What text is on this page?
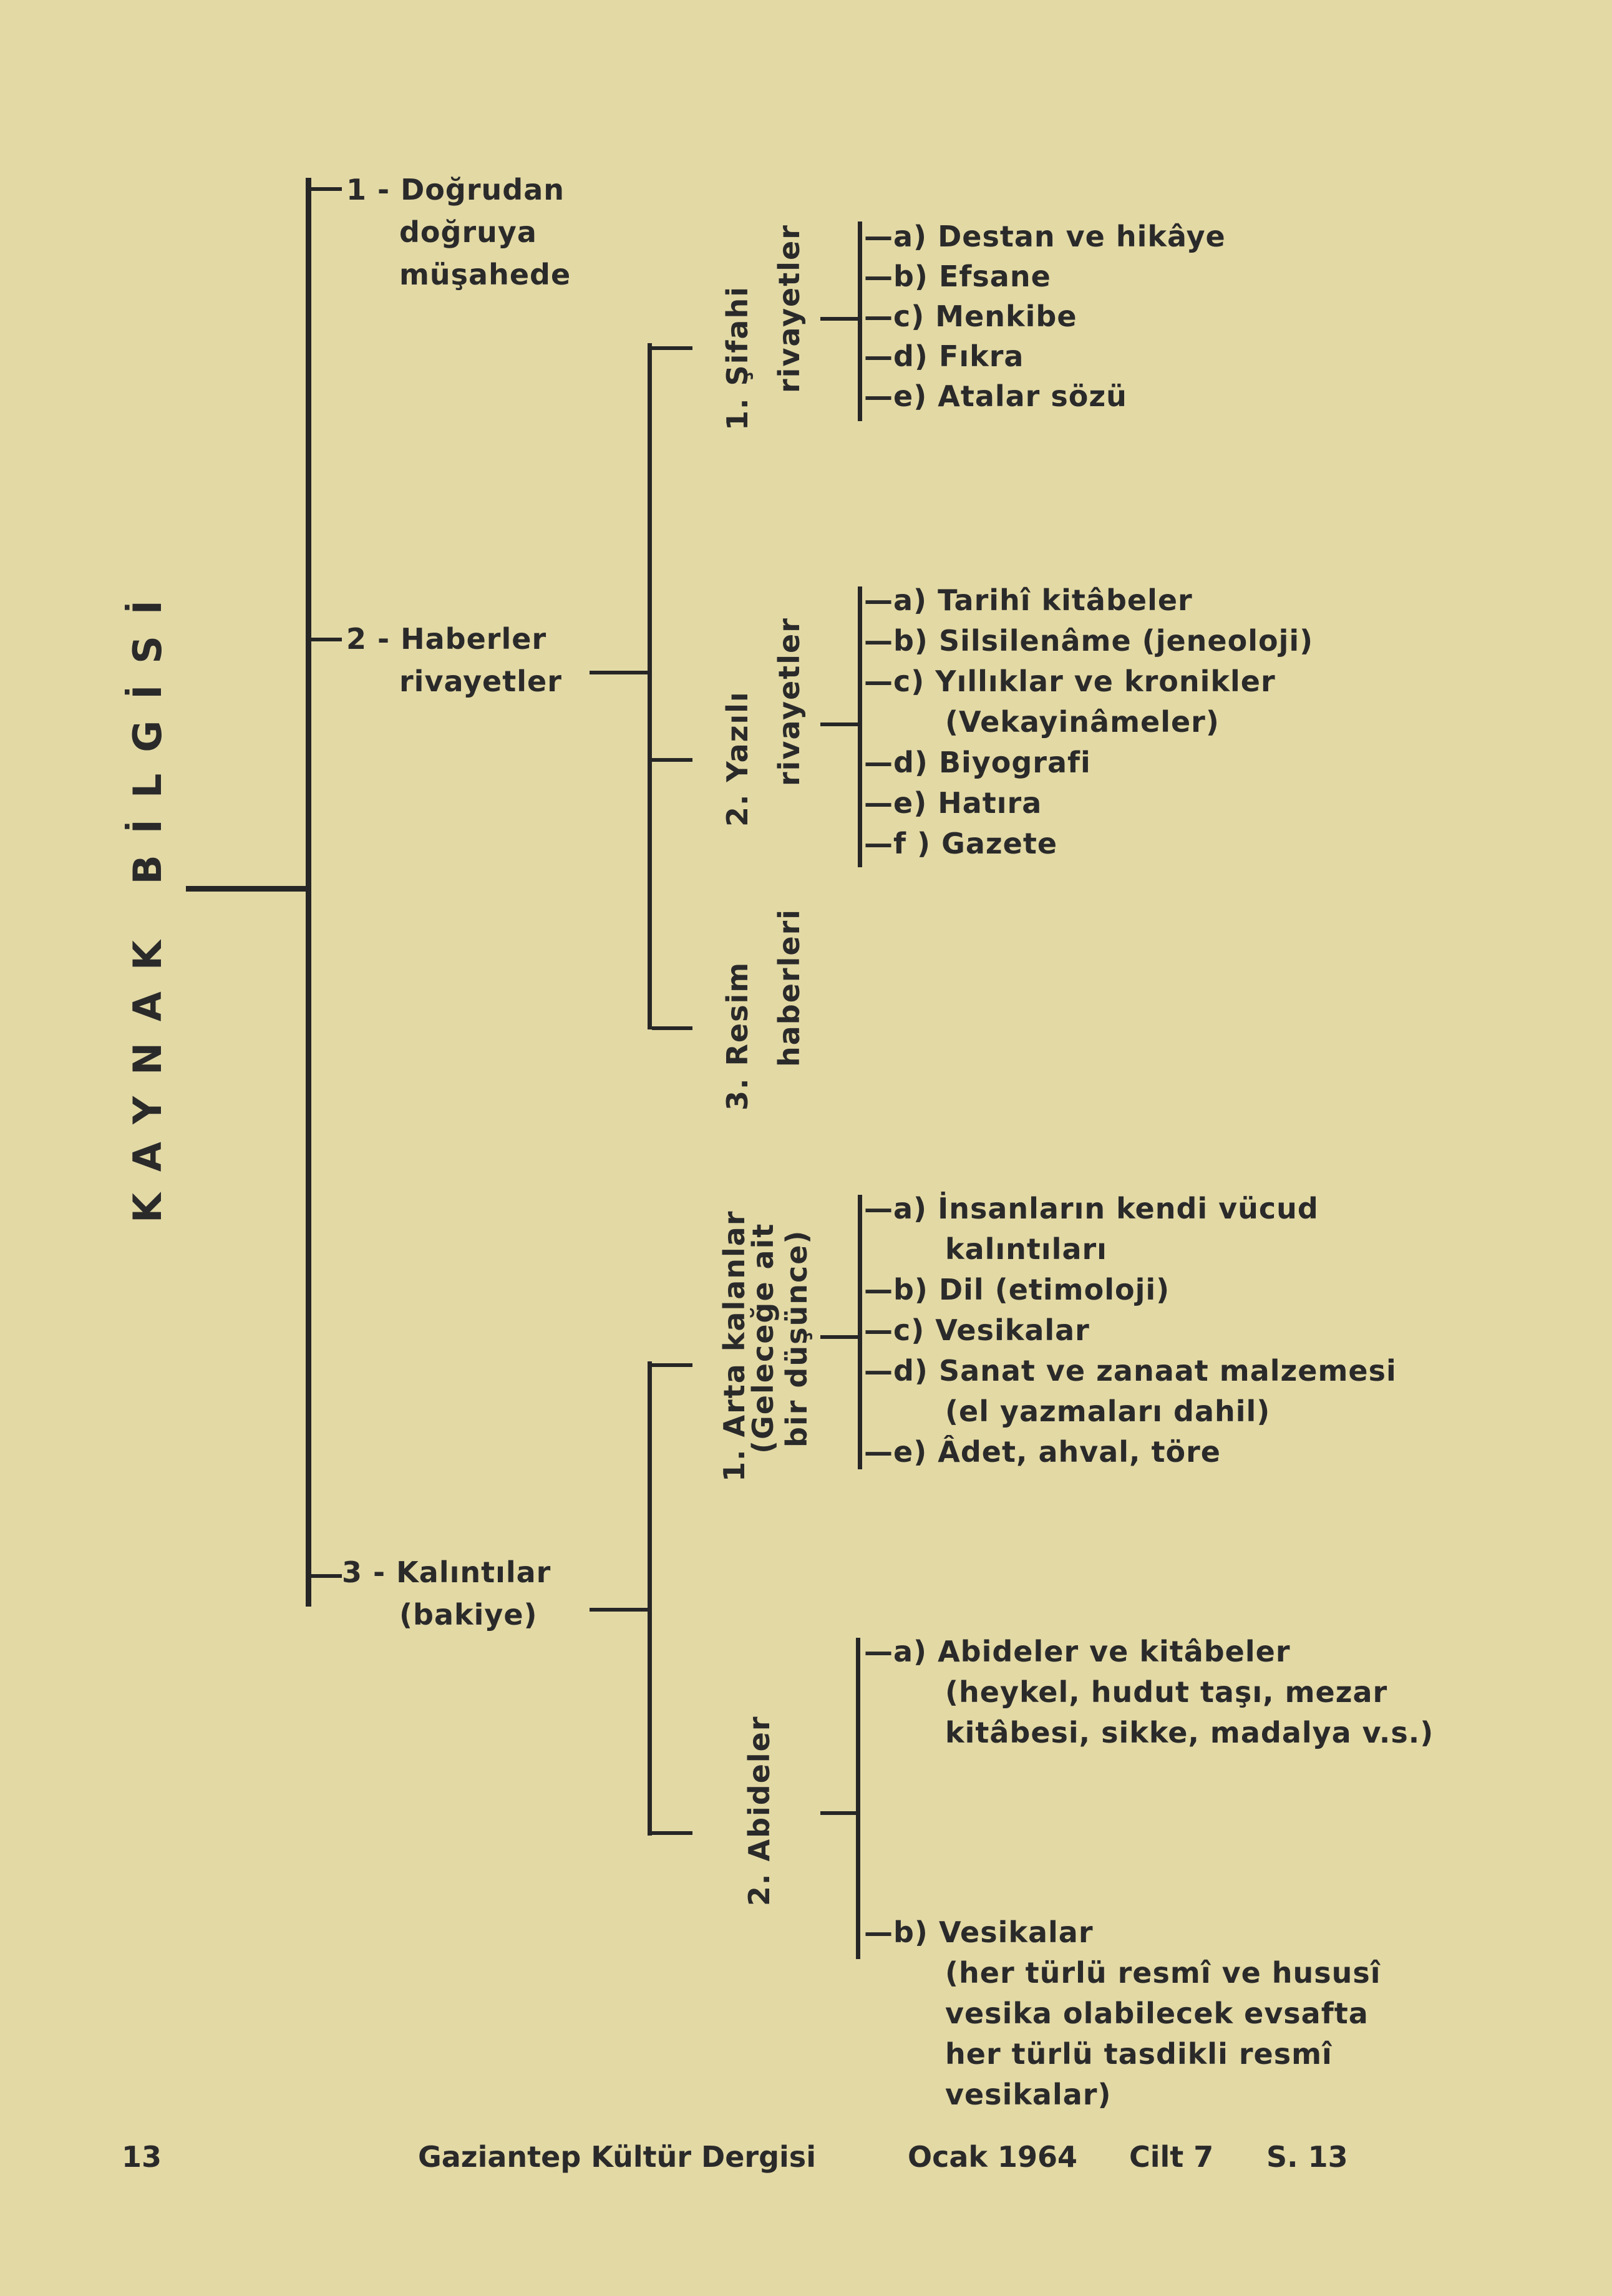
KAYNAK BİLGİSİ
1 - Doğrudan
doğruya
müşahede
2 - Haberler
rivayetler
3 - Kalıntılar
(bakiye)
1. Şifahi rivayetler
2. Yazılı rivayetler
3. Resim haberleri
1. Arta kalanlar
(Geleceğe ait bir düşünce)
2. Abideler
—a) Destan ve hikâye
—b) Efsane
—c) Menkibe
—d) Fıkra
—e) Atalar sözü
—a) Tarihî kitâbeler
—b) Silsilenâme (jeneoloji)
—c) Yıllıklar ve kronikler
(Vekayinâmeler)
—d) Biyografi
—e) Hatıra
—f ) Gazete
—a) İnsanların kendi vücud
kalıntıları
—b) Dil (etimoloji)
—c) Vesikalar
—d) Sanat ve zanaat malzemesi
(el yazmaları dahil)
—e) Âdet, ahval, töre
—a) Abideler ve kitâbeler
(heykel, hudut taşı, mezar
kitâbesi, sikke, madalya v.s.)
—b) Vesikalar
(her türlü resmî ve hususî
vesika olabilecek evsafta
her türlü tasdikli resmî
vesikalar)
13	Gaziantep Kültür Dergisi	Ocak 1964 Cilt 7 S. 13
